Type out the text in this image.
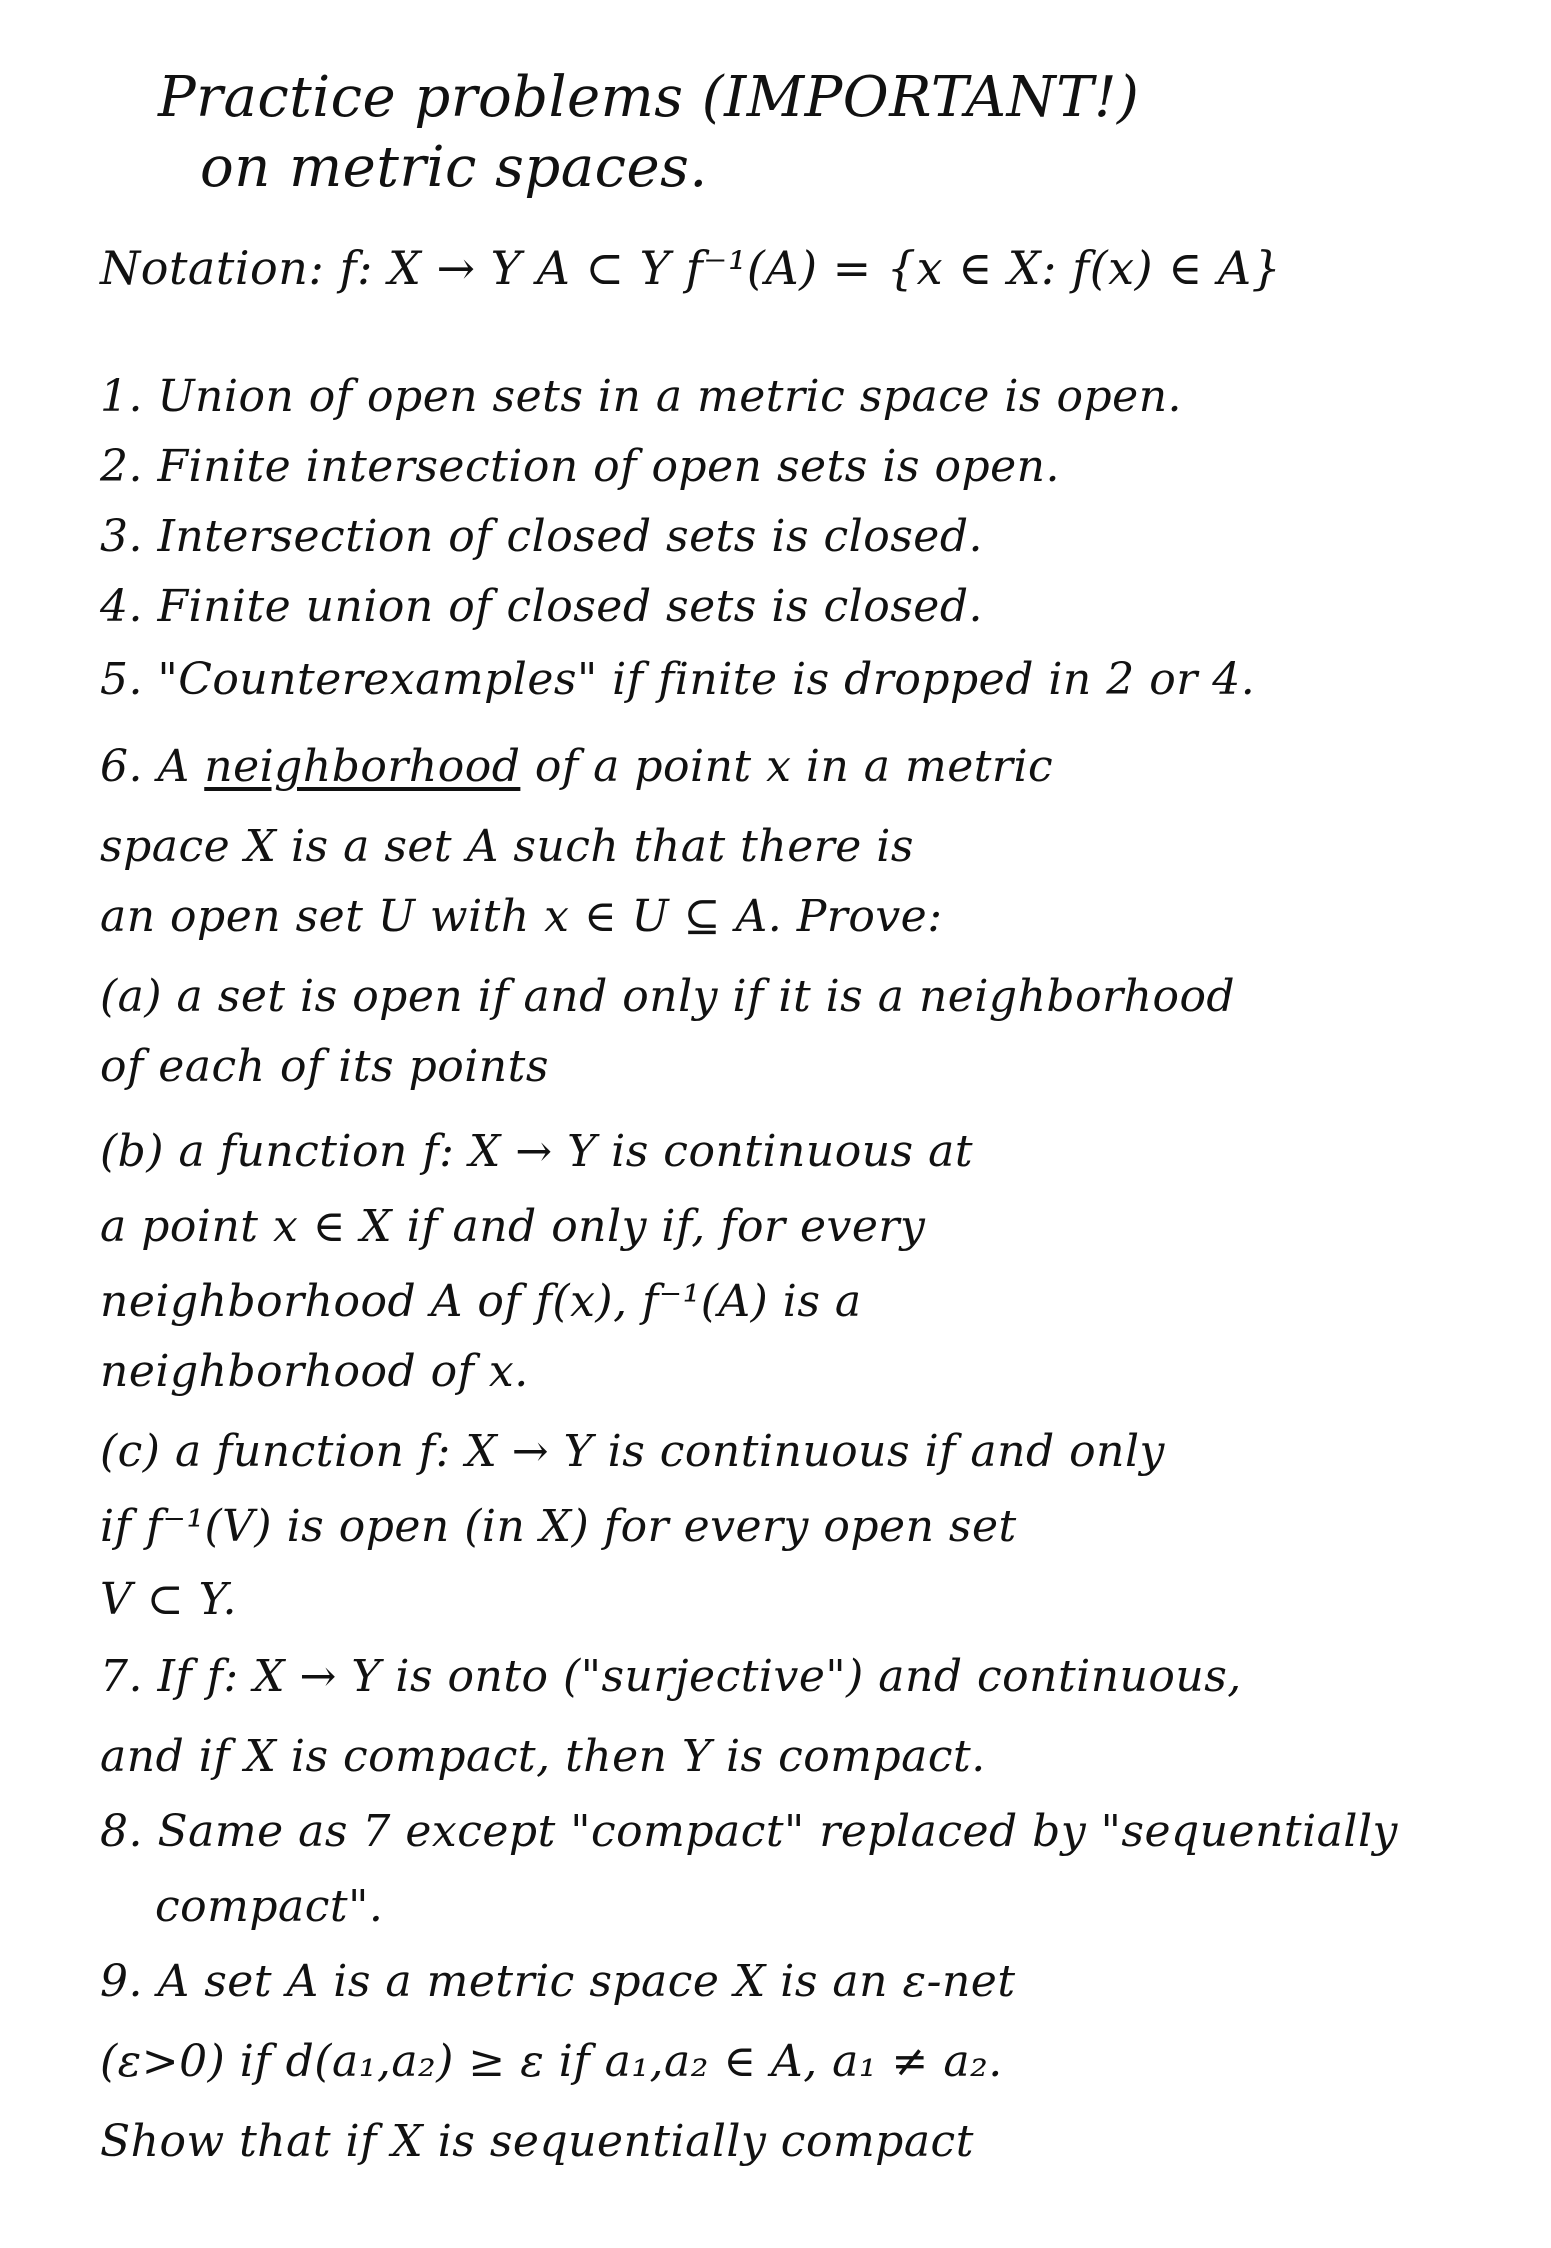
Practice problems (IMPORTANT!)
on metric spaces.
Notation: f: X → Y A ⊂ Y f⁻¹(A) = {x ∈ X: f(x) ∈ A}
1. Union of open sets in a metric space is open.
2. Finite intersection of open sets is open.
3. Intersection of closed sets is closed.
4. Finite union of closed sets is closed.
5. "Counterexamples" if finite is dropped in 2 or 4.
6. A neighborhood of a point x in a metric
space X is a set A such that there is
an open set U with x ∈ U ⊆ A. Prove:
(a) a set is open if and only if it is a neighborhood
of each of its points
(b) a function f: X → Y is continuous at
a point x ∈ X if and only if, for every
neighborhood A of f(x), f⁻¹(A) is a
neighborhood of x.
(c) a function f: X → Y is continuous if and only
if f⁻¹(V) is open (in X) for every open set
V ⊂ Y.
7. If f: X → Y is onto ("surjective") and continuous,
and if X is compact, then Y is compact.
8. Same as 7 except "compact" replaced by "sequentially
compact".
9. A set A is a metric space X is an ε-net
(ε>0) if d(a₁,a₂) ≥ ε if a₁,a₂ ∈ A, a₁ ≠ a₂.
Show that if X is sequentially compact
